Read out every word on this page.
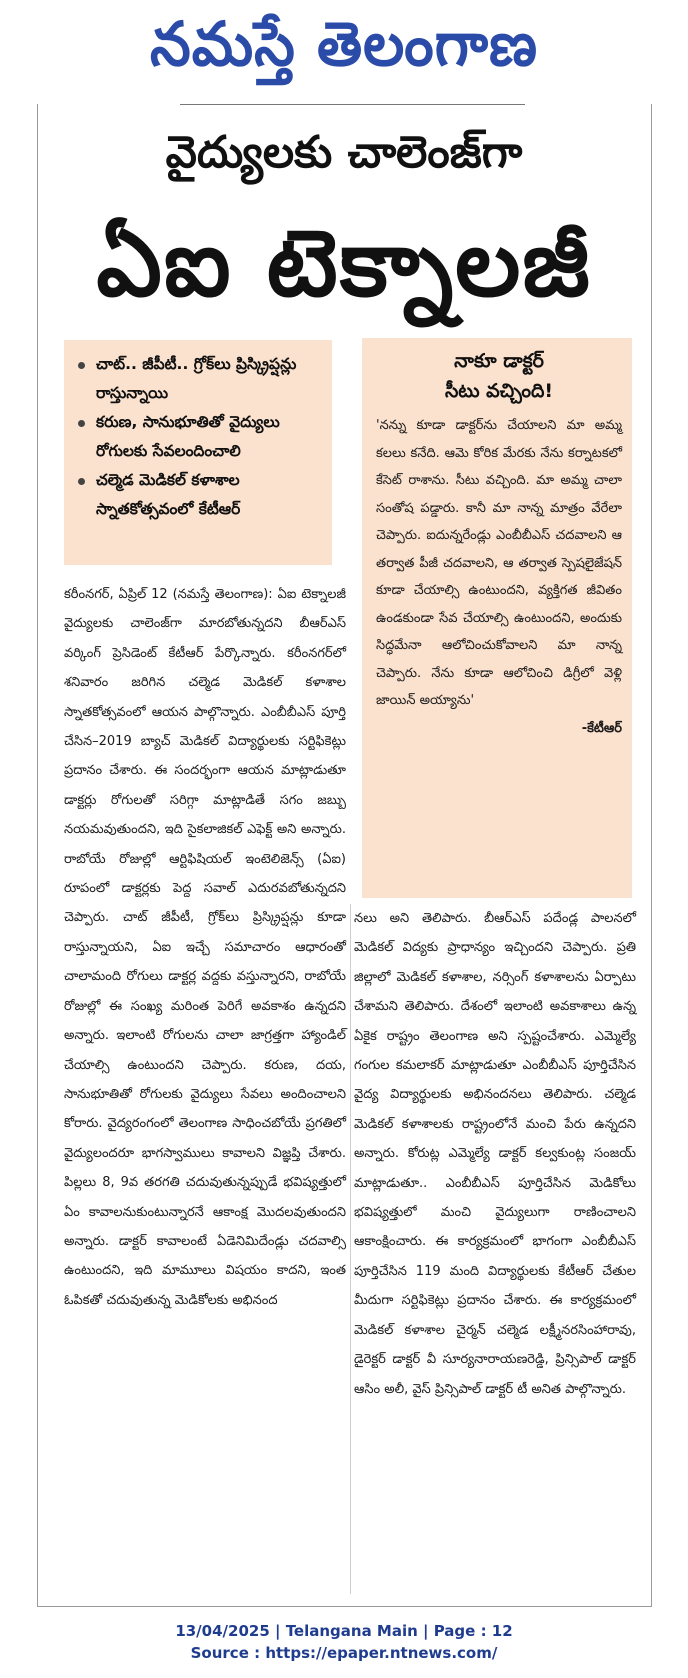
నమస్తే తెలంగాణ
వైద్యులకు చాలెంజ్‌గా
ఏఐ టెక్నాలజీ
చాట్.. జీపీటీ.. గ్రోక్‌లు ప్రిస్క్రిప్షన్లు రాస్తున్నాయి
కరుణ, సానుభూతితో వైద్యులు రోగులకు సేవలందించాలి
చల్మెడ మెడికల్ కళాశాల స్నాతకోత్సవంలో కేటీఆర్
నాకూ డాక్టర్
సీటు వచ్చింది!
'నన్ను కూడా డాక్టర్‌ను చేయాలని మా అమ్మ కలలు కనేది. ఆమె కోరిక మేరకు నేను కర్నాటకలో కేసెట్ రాశాను. సీటు వచ్చింది. మా అమ్మ చాలా సంతోష పడ్డారు. కానీ మా నాన్న మాత్రం వేరేలా చెప్పారు. ఐదున్నరేండ్లు ఎంబీబీఎస్ చదవాలని ఆ తర్వాత పీజీ చదవాలని, ఆ తర్వాత స్పెషలైజేషన్ కూడా చేయాల్సి ఉంటుందని, వ్యక్తిగత జీవితం ఉండకుండా సేవ చేయాల్సి ఉంటుందని, అందుకు సిద్ధమేనా ఆలోచించుకోవాలని మా నాన్న చెప్పారు. నేను కూడా ఆలోచించి డిగ్రీలో వెళ్లి జాయిన్ అయ్యాను'
-కేటీఆర్
కరీంనగర్, ఏప్రిల్ 12 (నమస్తే తెలంగాణ): ఏఐ టెక్నాలజీ వైద్యులకు చాలెంజ్‌గా మారబోతున్నదని బీఆర్‌ఎస్ వర్కింగ్ ప్రెసిడెంట్ కేటీఆర్ పేర్కొన్నారు. కరీంనగర్‌లో శనివారం జరిగిన చల్మెడ మెడికల్ కళాశాల స్నాతకోత్సవంలో ఆయన పాల్గొన్నారు. ఎంబీబీఎస్ పూర్తి చేసిన–2019 బ్యాచ్ మెడికల్ విద్యార్థులకు సర్టిఫికెట్లు ప్రదానం చేశారు. ఈ సందర్భంగా ఆయన మాట్లాడుతూ డాక్టర్లు రోగులతో సరిగ్గా మాట్లాడితే సగం జబ్బు నయమవుతుందని, ఇది సైకలాజికల్ ఎఫెక్ట్ అని అన్నారు. రాబోయే రోజుల్లో ఆర్టిఫిషియల్ ఇంటెలిజెన్స్ (ఏఐ) రూపంలో డాక్టర్లకు పెద్ద సవాల్ ఎదురవబోతున్నదని చెప్పారు. చాట్ జీపీటీ, గ్రోక్‌లు ప్రిస్క్రిప్షన్లు కూడా రాస్తున్నాయని, ఏఐ ఇచ్చే సమాచారం ఆధారంతో చాలామంది రోగులు డాక్టర్ల వద్దకు వస్తున్నారని, రాబోయే రోజుల్లో ఈ సంఖ్య మరింత పెరిగే అవకాశం ఉన్నదని అన్నారు. ఇలాంటి రోగులను చాలా జాగ్రత్తగా హ్యాండిల్ చేయాల్సి ఉంటుందని చెప్పారు. కరుణ, దయ, సానుభూతితో రోగులకు వైద్యులు సేవలు అందించాలని కోరారు. వైద్యరంగంలో తెలంగాణ సాధించబోయే ప్రగతిలో వైద్యులందరూ భాగస్వాములు కావాలని విజ్ఞప్తి చేశారు. పిల్లలు 8, 9వ తరగతి చదువుతున్నప్పుడే భవిష్యత్తులో ఏం కావాలనుకుంటున్నారనే ఆకాంక్ష మొదలవుతుందని అన్నారు. డాక్టర్ కావాలంటే ఏడెనిమిదేండ్లు చదవాల్సి ఉంటుందని, ఇది మామూలు విషయం కాదని, ఇంత ఓపికతో చదువుతున్న మెడికోలకు అభినంద
నలు అని తెలిపారు. బీఆర్‌ఎస్ పదేండ్ల పాలనలో మెడికల్ విద్యకు ప్రాధాన్యం ఇచ్చిందని చెప్పారు. ప్రతి జిల్లాలో మెడికల్ కళాశాల, నర్సింగ్ కళాశాలను ఏర్పాటు చేశామని తెలిపారు. దేశంలో ఇలాంటి అవకాశాలు ఉన్న ఏకైక రాష్ట్రం తెలంగాణ అని స్పష్టంచేశారు. ఎమ్మెల్యే గంగుల కమలాకర్ మాట్లాడుతూ ఎంబీబీఎస్ పూర్తిచేసిన వైద్య విద్యార్థులకు అభినందనలు తెలిపారు. చల్మెడ మెడికల్ కళాశాలకు రాష్ట్రంలోనే మంచి పేరు ఉన్నదని అన్నారు. కోరుట్ల ఎమ్మెల్యే డాక్టర్ కల్వకుంట్ల సంజయ్ మాట్లాడుతూ.. ఎంబీబీఎస్ పూర్తిచేసిన మెడికోలు భవిష్యత్తులో మంచి వైద్యులుగా రాణించాలని ఆకాంక్షించారు. ఈ కార్యక్రమంలో భాగంగా ఎంబీబీఎస్ పూర్తిచేసిన 119 మంది విద్యార్థులకు కేటీఆర్ చేతుల మీదుగా సర్టిఫికెట్లు ప్రదానం చేశారు. ఈ కార్యక్రమంలో మెడికల్ కళాశాల చైర్మన్ చల్మెడ లక్ష్మీనరసింహారావు, డైరెక్టర్ డాక్టర్ వీ సూర్యనారాయణరెడ్డి, ప్రిన్సిపాల్ డాక్టర్ ఆసిం అలీ, వైస్ ప్రిన్సిపాల్ డాక్టర్ టీ అనిత పాల్గొన్నారు.
13/04/2025 | Telangana Main | Page : 12
Source : https://epaper.ntnews.com/
